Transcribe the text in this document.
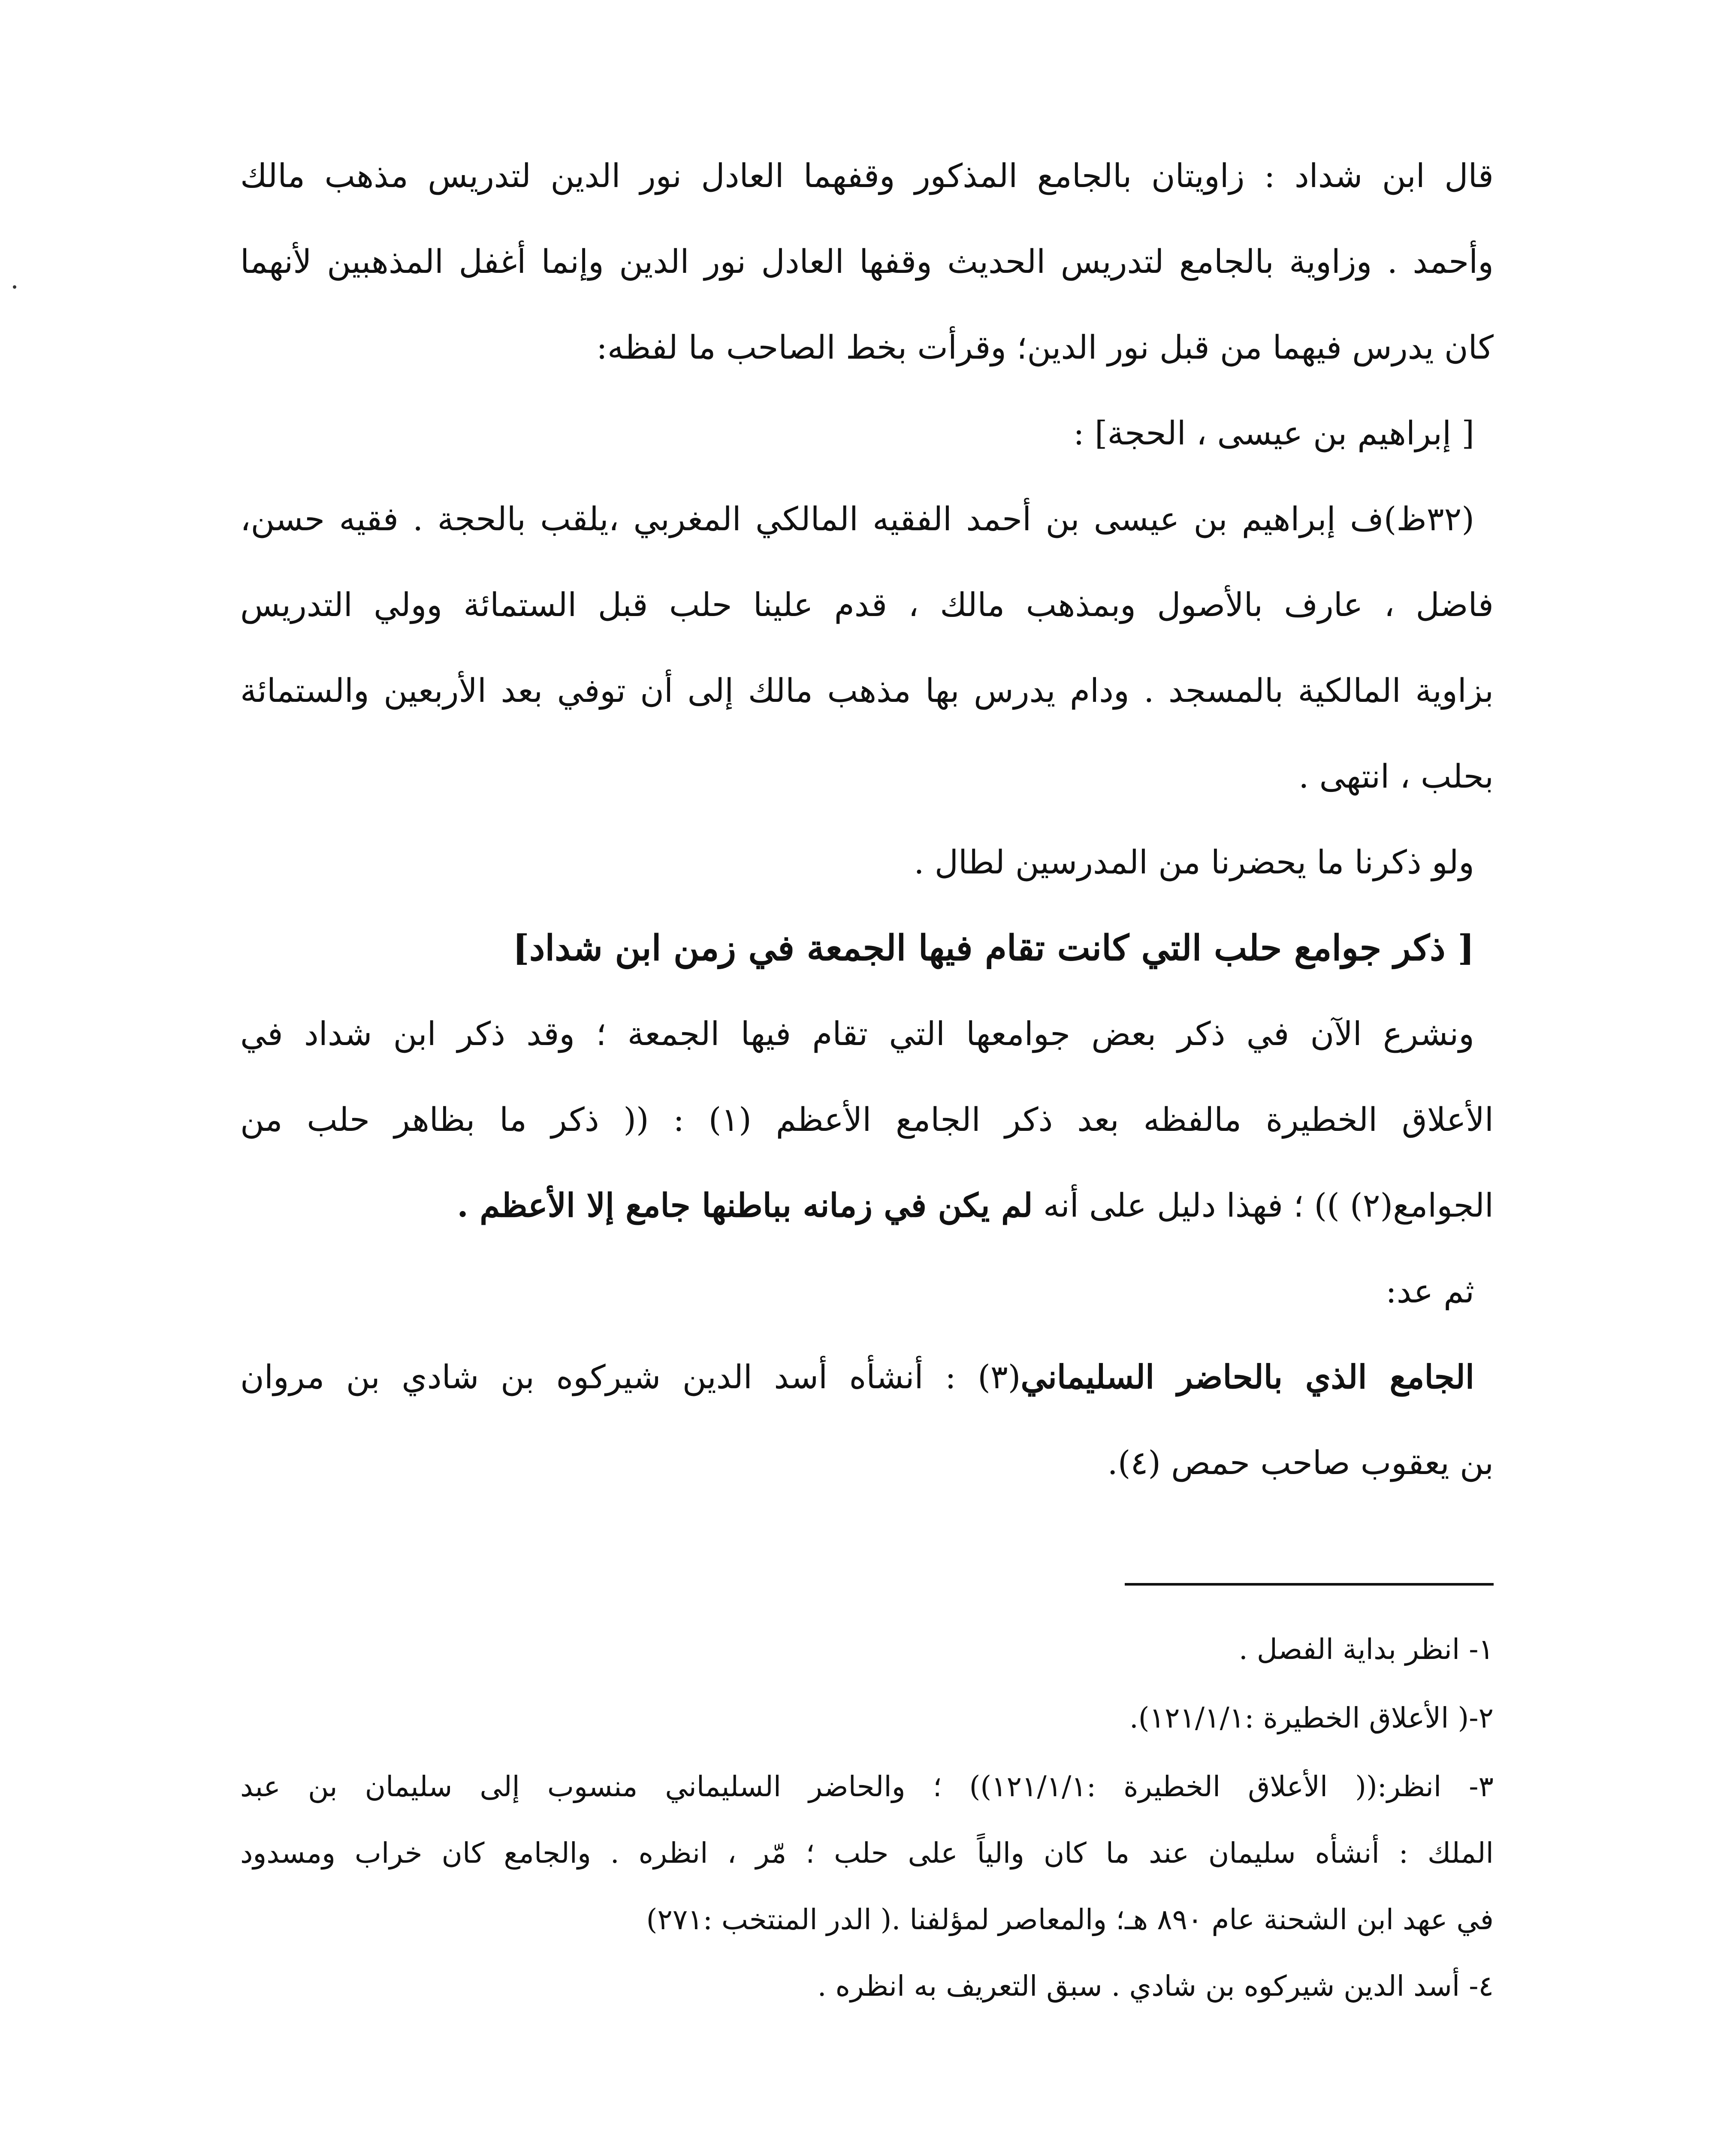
قال ابن شداد : زاويتان بالجامع المذكور وقفهما العادل نور الدين لتدريس مذهب مالك
وأحمد . وزاوية بالجامع لتدريس الحديث وقفها العادل نور الدين وإنما أغفل المذهبين لأنهما
كان يدرس فيهما من قبل نور الدين؛ وقرأت بخط الصاحب ما لفظه:
[ إبراهيم بن عيسى ، الحجة] :
(٣٢ظ)ف إبراهيم بن عيسى بن أحمد الفقيه المالكي المغربي ،يلقب بالحجة . فقيه حسن،
فاضل ، عارف بالأصول وبمذهب مالك ، قدم علينا حلب قبل الستمائة وولي التدريس
بزاوية المالكية بالمسجد . ودام يدرس بها مذهب مالك إلى أن توفي بعد الأربعين والستمائة
بحلب ، انتهى .
ولو ذكرنا ما يحضرنا من المدرسين لطال .
[ ذكر جوامع حلب التي كانت تقام فيها الجمعة في زمن ابن شداد]
ونشرع الآن في ذكر بعض جوامعها التي تقام فيها الجمعة ؛ وقد ذكر ابن شداد في
الأعلاق الخطيرة مالفظه بعد ذكر الجامع الأعظم (١) : (( ذكر ما بظاهر حلب من
الجوامع(٢) )) ؛ فهذا دليل على أنه لم يكن في زمانه بباطنها جامع إلا الأعظم .
ثم عد:
الجامع الذي بالحاضر السليماني(٣) : أنشأه أسد الدين شيركوه بن شادي بن مروان
بن يعقوب صاحب حمص (٤).
١- انظر بداية الفصل .
٢-( الأعلاق الخطيرة :١٢١/١/١).
٣- انظر:(( الأعلاق الخطيرة :١٢١/١/١)) ؛ والحاضر السليماني منسوب إلى سليمان بن عبد
الملك : أنشأه سليمان عند ما كان والياً على حلب ؛ مّر ، انظره . والجامع كان خراب ومسدود
في عهد ابن الشحنة عام ٨٩٠ هـ؛ والمعاصر لمؤلفنا .( الدر المنتخب :٢٧١)
٤- أسد الدين شيركوه بن شادي . سبق التعريف به انظره .
